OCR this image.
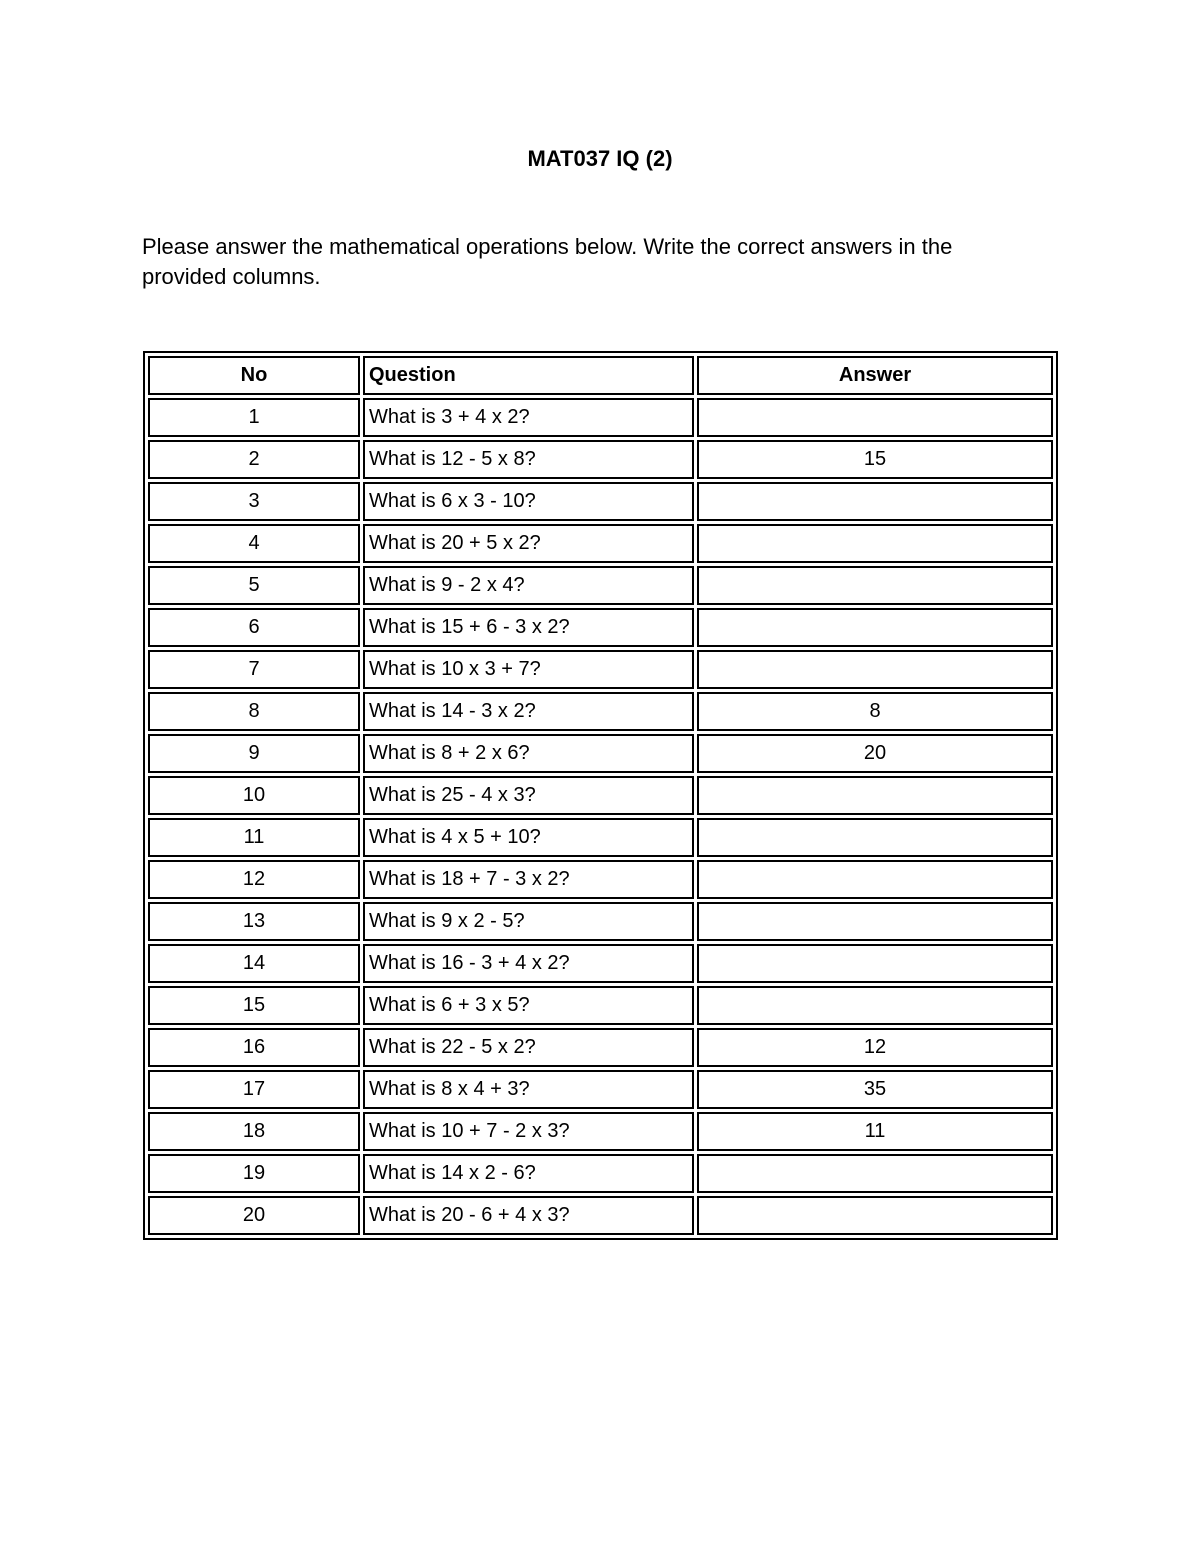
MAT037 IQ (2)
Please answer the mathematical operations below. Write the correct answers in the provided columns.
No	Question	Answer
1	What is 3 + 4 x 2?	
2	What is 12 - 5 x 8?	15
3	What is 6 x 3 - 10?	
4	What is 20 + 5 x 2?	
5	What is 9 - 2 x 4?	
6	What is 15 + 6 - 3 x 2?	
7	What is 10 x 3 + 7?	
8	What is 14 - 3 x 2?	8
9	What is 8 + 2 x 6?	20
10	What is 25 - 4 x 3?	
11	What is 4 x 5 + 10?	
12	What is 18 + 7 - 3 x 2?	
13	What is 9 x 2 - 5?	
14	What is 16 - 3 + 4 x 2?	
15	What is 6 + 3 x 5?	
16	What is 22 - 5 x 2?	12
17	What is 8 x 4 + 3?	35
18	What is 10 + 7 - 2 x 3?	11
19	What is 14 x 2 - 6?	
20	What is 20 - 6 + 4 x 3?	
